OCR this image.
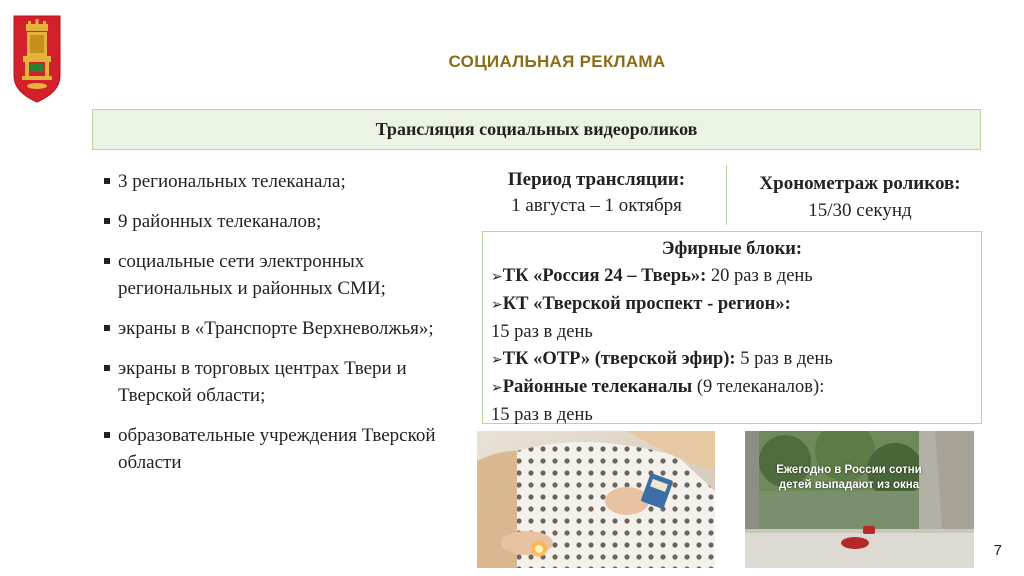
СОЦИАЛЬНАЯ РЕКЛАМА
Трансляция социальных видеороликов
3 региональных телеканала;
9 районных телеканалов;
социальные сети электронных региональных и районных СМИ;
экраны в «Транспорте Верхневолжья»;
экраны в торговых центрах Твери и Тверской области;
образовательные учреждения Тверской области
Период трансляции:
1 августа – 1 октября
Хронометраж роликов:
15/30 секунд
Эфирные блоки:
➢ТК «Россия 24 – Тверь»: 20 раз в день
➢КТ «Тверской проспект - регион»:
15 раз в день
➢ТК «ОТР» (тверской эфир): 5 раз в день
➢Районные телеканалы (9 телеканалов):
15 раз в день
Ежегодно в России сотни детей выпадают из окна
7
